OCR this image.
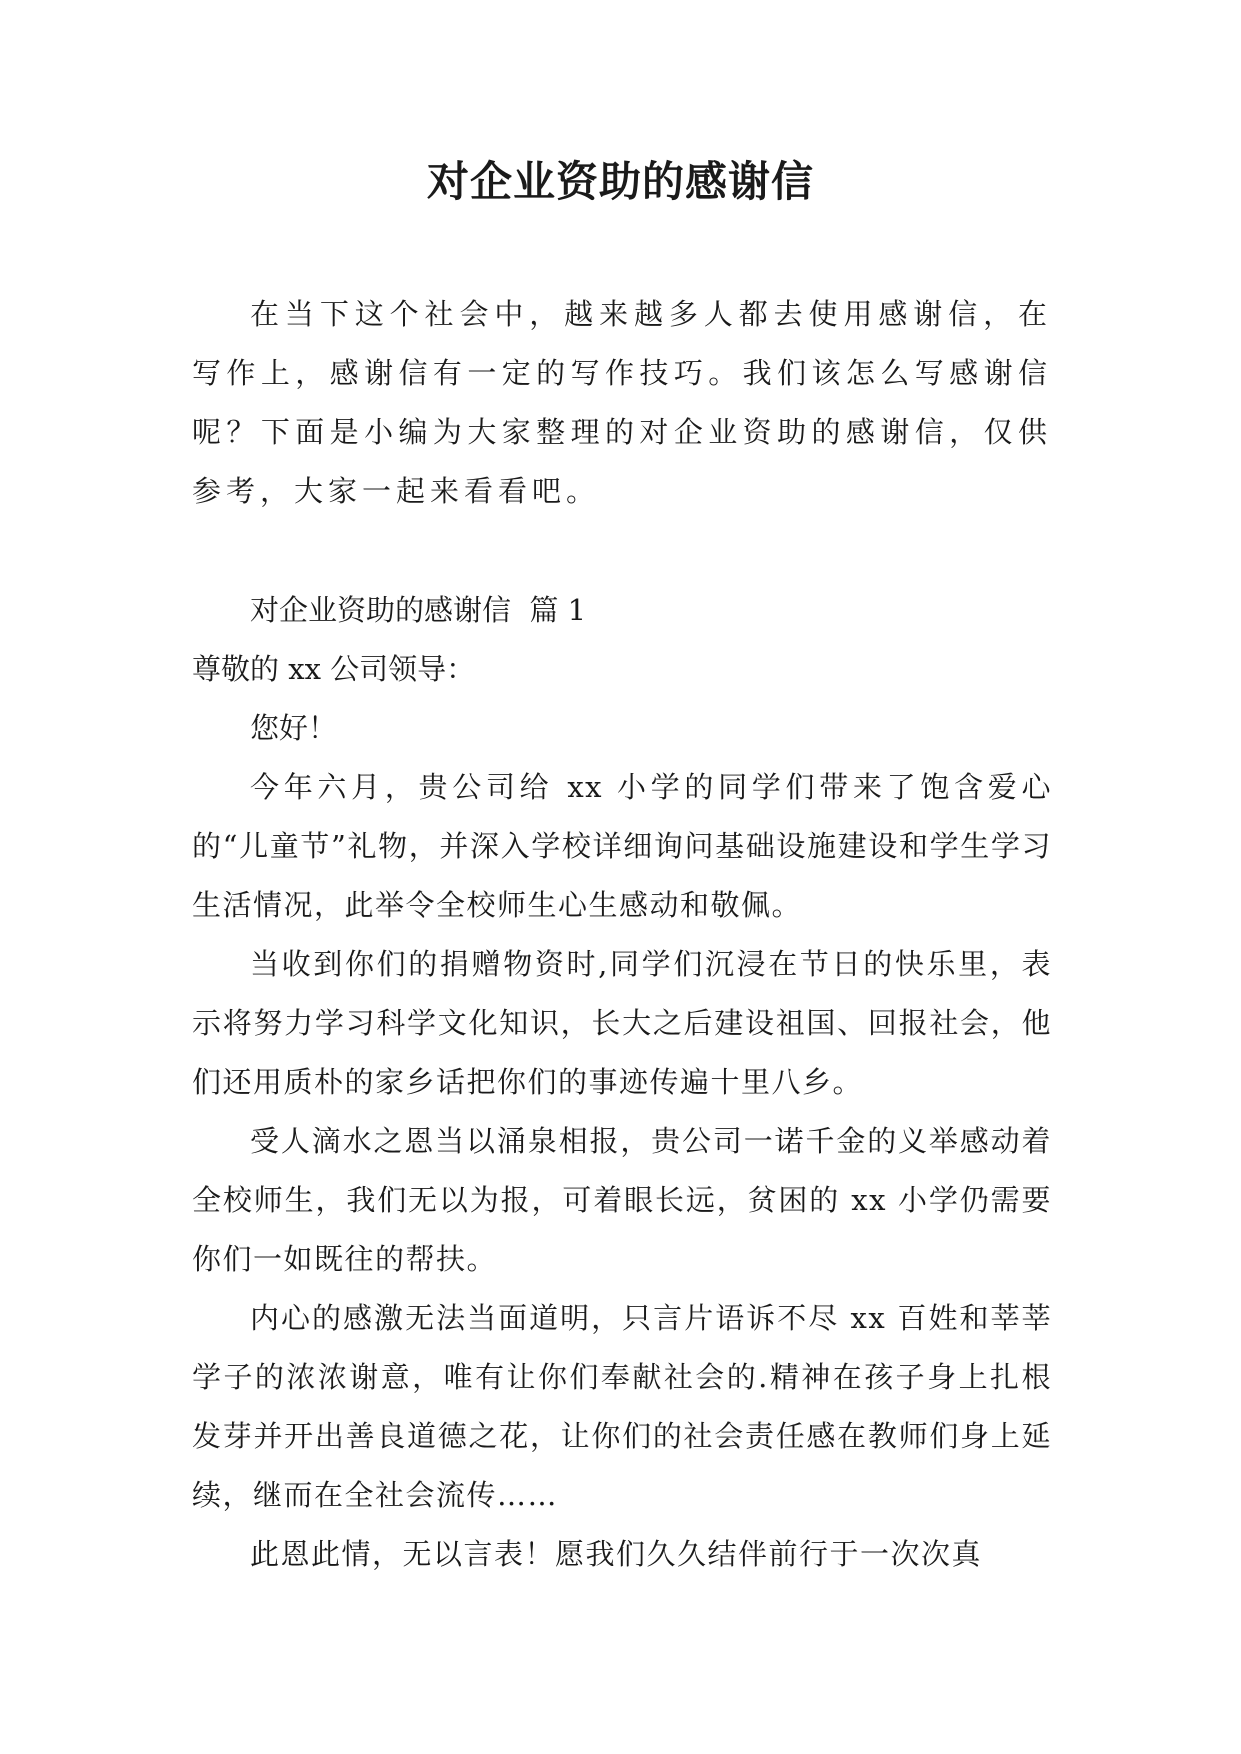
对企业资助的感谢信

在当下这个社会中，越来越多人都去使用感谢信，在写作上，感谢信有一定的写作技巧。我们该怎么写感谢信呢？下面是小编为大家整理的对企业资助的感谢信，仅供参考，大家一起来看看吧。

对企业资助的感谢信  篇 1

尊敬的 xx 公司领导：

您好！

今年六月，贵公司给 xx 小学的同学们带来了饱含爱心的“儿童节”礼物，并深入学校详细询问基础设施建设和学生学习生活情况，此举令全校师生心生感动和敬佩。

当收到你们的捐赠物资时,同学们沉浸在节日的快乐里，表示将努力学习科学文化知识，长大之后建设祖国、回报社会，他们还用质朴的家乡话把你们的事迹传遍十里八乡。

受人滴水之恩当以涌泉相报，贵公司一诺千金的义举感动着全校师生，我们无以为报，可着眼长远，贫困的 xx 小学仍需要你们一如既往的帮扶。

内心的感激无法当面道明，只言片语诉不尽 xx 百姓和莘莘学子的浓浓谢意，唯有让你们奉献社会的.精神在孩子身上扎根发芽并开出善良道德之花，让你们的社会责任感在教师们身上延续，继而在全社会流传……

此恩此情，无以言表！愿我们久久结伴前行于一次次真
